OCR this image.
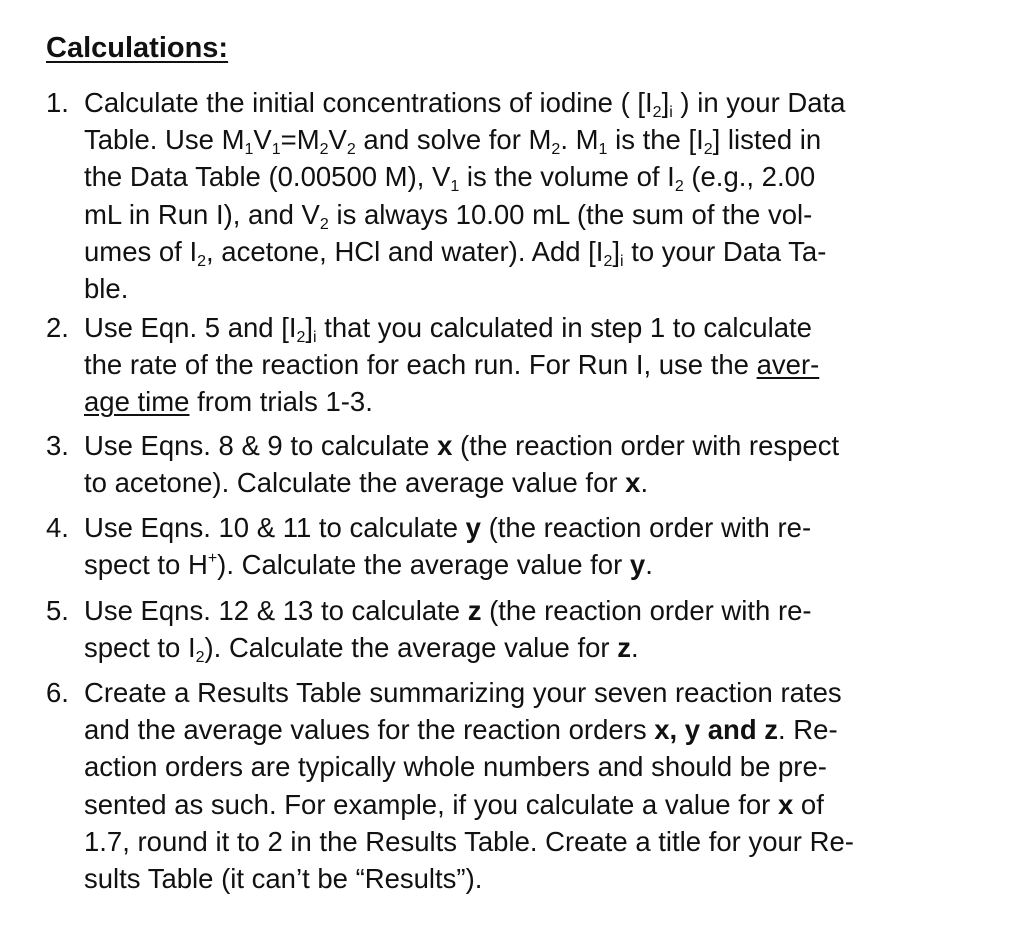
Calculations:
1. Calculate the initial concentrations of iodine ( $[I_2]_i$ ) in your Data
Table. Use $M_1V_1=M_2V_2$ and solve for $M_2$. $M_1$ is the $[I_2]$ listed in
the Data Table (0.00500 M), $V_1$ is the volume of $I_2$ (e.g., 2.00
mL in Run I), and $V_2$ is always 10.00 mL (the sum of the vol-
umes of $I_2$, acetone, HCl and water). Add $[I_2]_i$ to your Data Ta-
ble.
2. Use Eqn. 5 and $[I_2]_i$ that you calculated in step 1 to calculate
the rate of the reaction for each run. For Run I, use the aver-
age time from trials 1-3.
3. Use Eqns. 8 & 9 to calculate x (the reaction order with respect
to acetone). Calculate the average value for x.
4. Use Eqns. 10 & 11 to calculate y (the reaction order with re-
spect to H+). Calculate the average value for y.
5. Use Eqns. 12 & 13 to calculate z (the reaction order with re-
spect to $I_2$). Calculate the average value for z.
6. Create a Results Table summarizing your seven reaction rates
and the average values for the reaction orders x, y and z. Re-
action orders are typically whole numbers and should be pre-
sented as such. For example, if you calculate a value for x of
1.7, round it to 2 in the Results Table. Create a title for your Re-
sults Table (it can’t be “Results”).
